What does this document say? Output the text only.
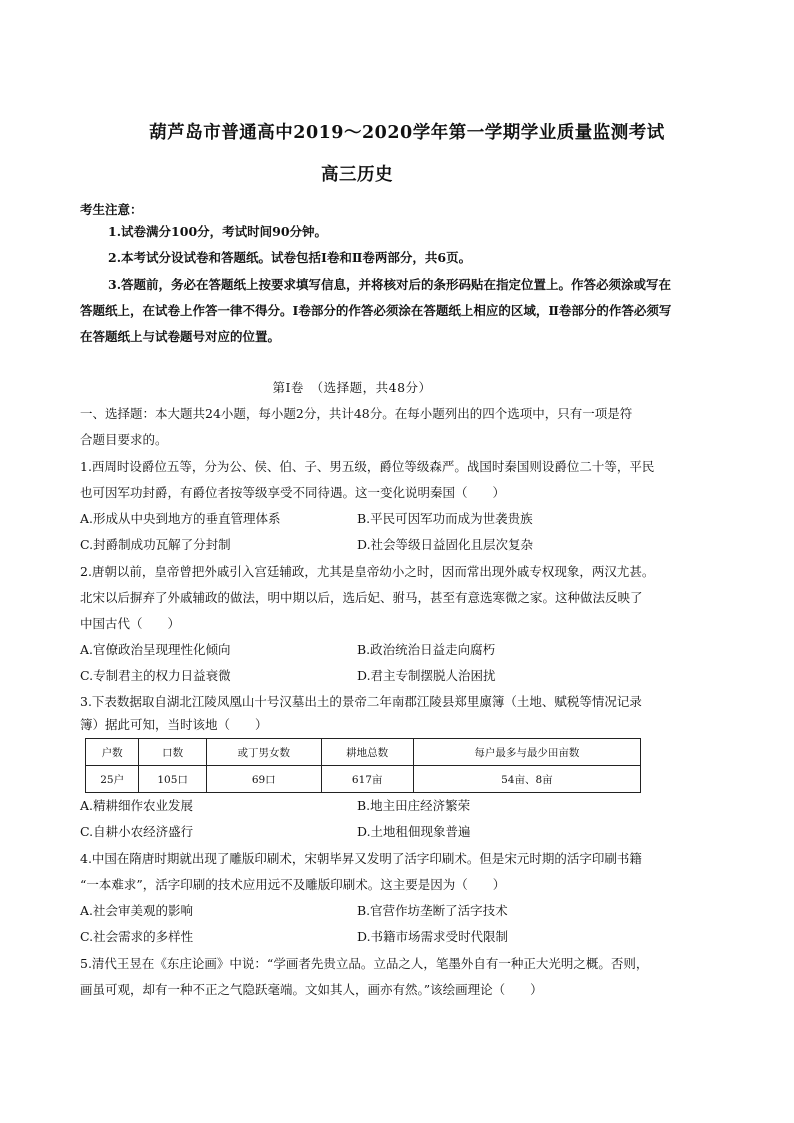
葫芦岛市普通高中2019～2020学年第一学期学业质量监测考试
高三历史
考生注意：
1.试卷满分100分，考试时间90分钟。
2.本考试分设试卷和答题纸。试卷包括Ⅰ卷和Ⅱ卷两部分，共6页。
3.答题前，务必在答题纸上按要求填写信息，并将核对后的条形码贴在指定位置上。作答必须涂或写在
答题纸上，在试卷上作答一律不得分。Ⅰ卷部分的作答必须涂在答题纸上相应的区域，Ⅱ卷部分的作答必须写
在答题纸上与试卷题号对应的位置。
第Ⅰ卷　（选择题，共48分）
一、选择题：本大题共24小题，每小题2分，共计48分。在每小题列出的四个选项中，只有一项是符
合题目要求的。
1.西周时设爵位五等，分为公、侯、伯、子、男五级，爵位等级森严。战国时秦国则设爵位二十等，平民
也可因军功封爵，有爵位者按等级享受不同待遇。这一变化说明秦国（　　）
A.形成从中央到地方的垂直管理体系	B.平民可因军功而成为世袭贵族
C.封爵制成功瓦解了分封制	D.社会等级日益固化且层次复杂
2.唐朝以前，皇帝曾把外戚引入宫廷辅政，尤其是皇帝幼小之时，因而常出现外戚专权现象，两汉尤甚。
北宋以后摒弃了外戚辅政的做法，明中期以后，选后妃、驸马，甚至有意选寒微之家。这种做法反映了
中国古代（　　）
A.官僚政治呈现理性化倾向	B.政治统治日益走向腐朽
C.专制君主的权力日益衰微	D.君主专制摆脱人治困扰
3.下表数据取自湖北江陵凤凰山十号汉墓出土的景帝二年南郡江陵县郑里廪簿（土地、赋税等情况记录
簿）据此可知，当时该地（　　）
户数	口数	或丁男女数	耕地总数	每户最多与最少田亩数
25户	105口	69口	617亩	54亩、8亩
A.精耕细作农业发展	B.地主田庄经济繁荣
C.自耕小农经济盛行	D.土地租佃现象普遍
4.中国在隋唐时期就出现了雕版印刷术，宋朝毕昇又发明了活字印刷术。但是宋元时期的活字印刷书籍
“一本难求”，活字印刷的技术应用远不及雕版印刷术。这主要是因为（　　）
A.社会审美观的影响	B.官营作坊垄断了活字技术
C.社会需求的多样性	D.书籍市场需求受时代限制
5.清代王昱在《东庄论画》中说：“学画者先贵立品。立品之人，笔墨外自有一种正大光明之概。否则，
画虽可观，却有一种不正之气隐跃毫端。文如其人，画亦有然。”该绘画理论（　　）
